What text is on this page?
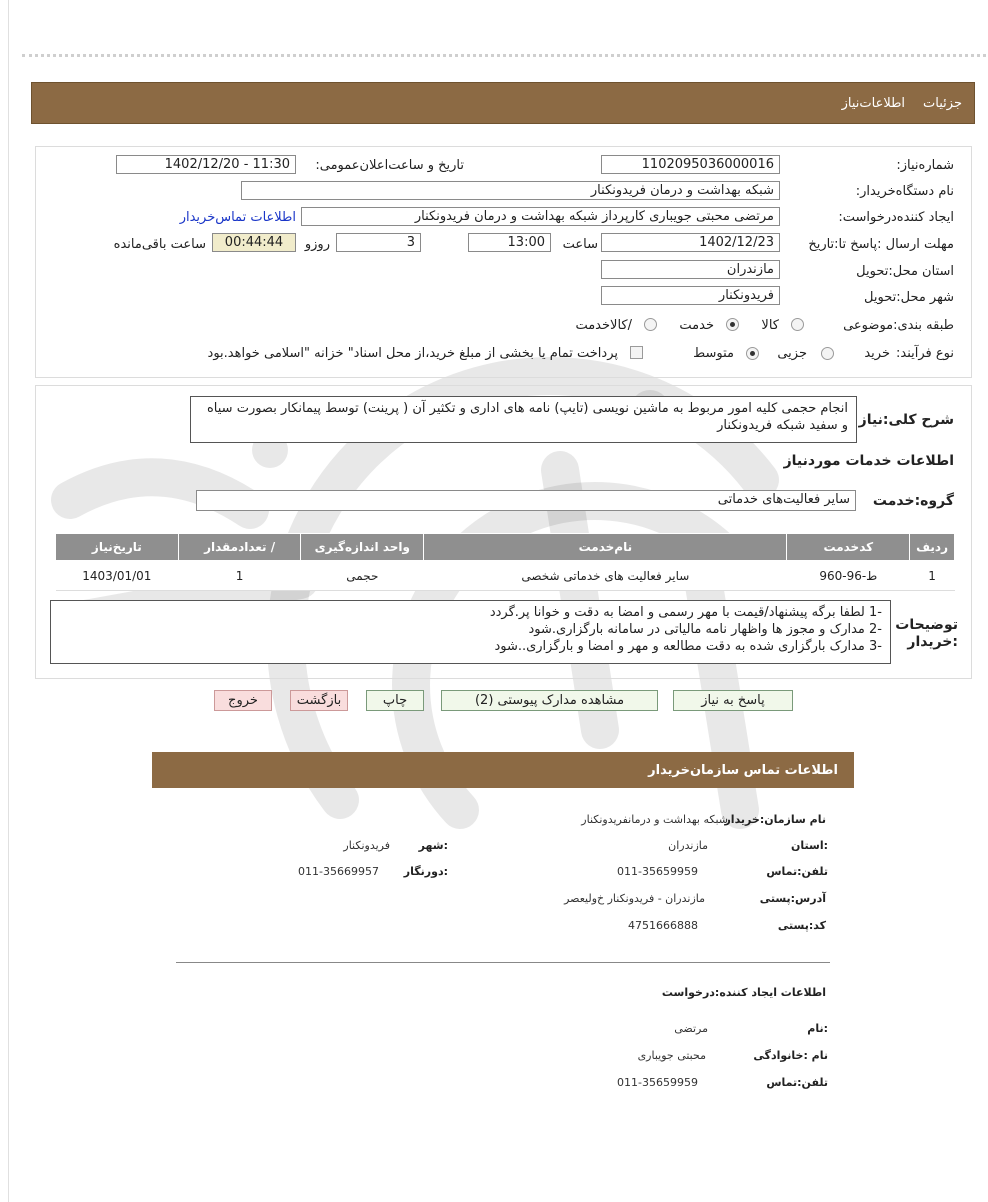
جزئیات
اطلاعات‌نیاز
شماره‌نیاز:
1102095036000016
تاریخ و ساعت‌اعلان‌عمومی:
1402/12/20 - 11:30
نام دستگاه‌خریدار:
شبکه بهداشت و درمان فریدونکنار
ایجاد کننده‌درخواست:
مرتضی محبتی جویباری کارپرداز شبکه بهداشت و درمان فریدونکنار
اطلاعات تماس‌خریدار
مهلت ارسال :پاسخ تا:تاریخ
1402/12/23
ساعت
13:00
3
روزو
00:44:44
ساعت باقی‌مانده
استان محل:تحویل
مازندران
شهر محل:تحویل
فریدونکنار
طبقه بندی:موضوعی
کالا
خدمت
/کالاخدمت
نوع فرآیند:
خرید
جزیی
متوسط
پرداخت تمام یا بخشی از مبلغ خرید،از محل اسناد" خزانه "اسلامی خواهد.بود
شرح کلی:نیاز
انجام حجمی کلیه امور مربوط به ماشین نویسی (تایپ) نامه های اداری و تکثیر آن ( پرینت) توسط پیمانکار بصورت سیاه و سفید شبکه فریدونکنار
اطلاعات خدمات موردنیاز
گروه:خدمت
سایر فعالیت‌های خدماتی
ردیف	کدخدمت	نام‌خدمت	واحد اندازه‌گیری	/ تعدادمقدار	تاریخ‌نیاز
1	ط-96-960	سایر فعالیت های خدماتی شخصی	حجمی	1	1403/01/01
توضیحات
:خریدار
-1 لطفا برگه پیشنهاد/قیمت با مهر رسمی و امضا به دقت و خوانا پر.گردد
-2 مدارک و مجوز ها واظهار نامه مالیاتی در سامانه بارگزاری.شود
-3 مدارک بارگزاری شده به دقت مطالعه و مهر و امضا و بارگزاری..شود
پاسخ به نیاز
مشاهده مدارک پیوستی (2)
چاپ
بازگشت
خروج
اطلاعات تماس سازمان‌خریدار
نام سازمان:خریدار
شبکه بهداشت و درمانفریدونکنار
:استان
مازندران
:شهر
فریدونکنار
تلفن:تماس
011-35659959
:دورنگار
011-35669957
آدرس:پستی
مازندران - فریدونکنار خ‌ولیعصر
کد:پستی
4751666888
اطلاعات ایجاد کننده:درخواست
:نام
مرتضی
نام :خانوادگی
محبتی جویباری
تلفن:تماس
011-35659959
